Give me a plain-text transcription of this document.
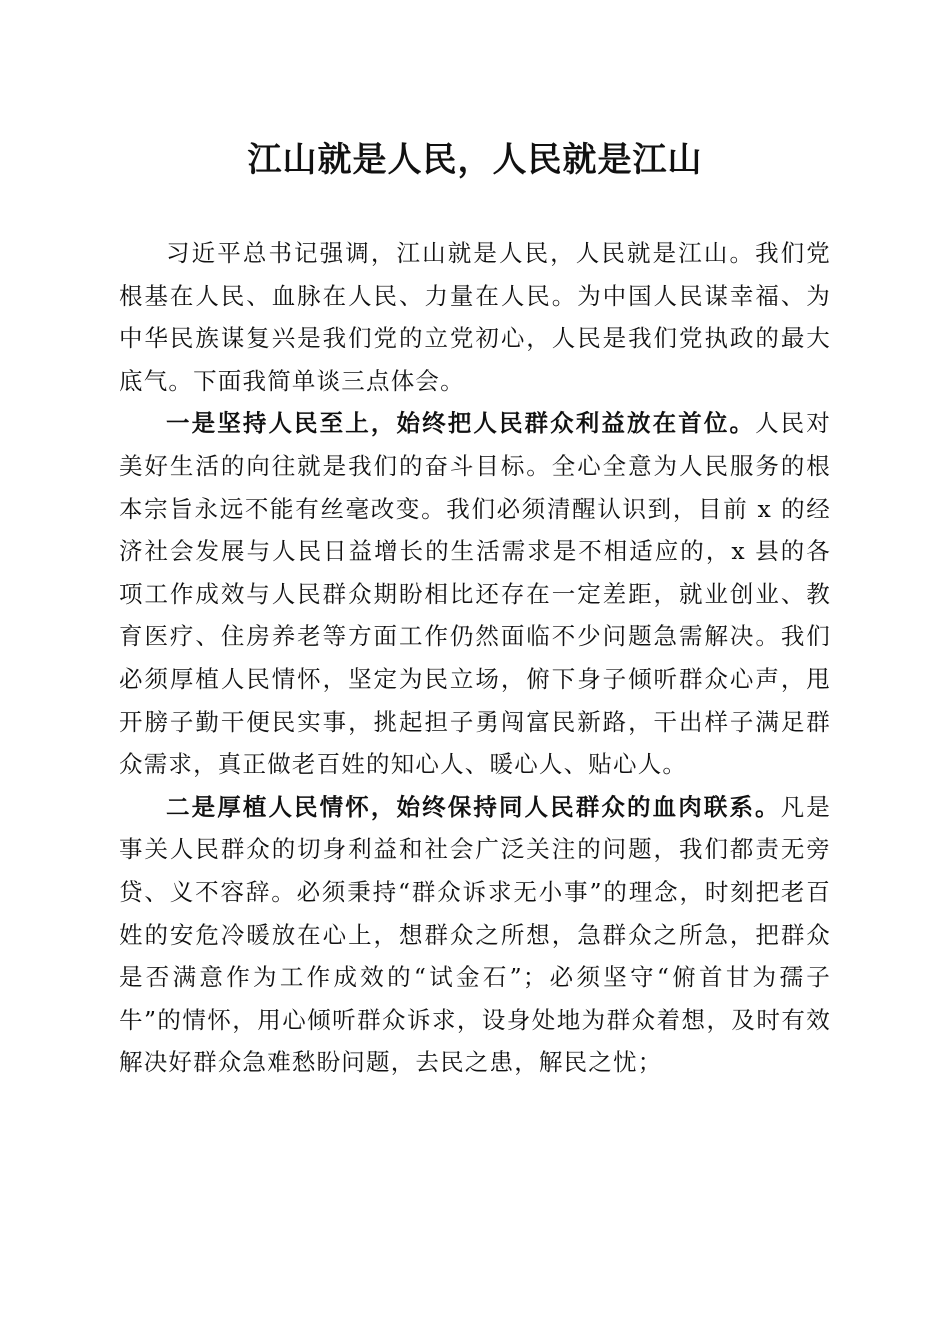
江山就是人民，人民就是江山

习近平总书记强调，江山就是人民，人民就是江山。我们党根基在人民、血脉在人民、力量在人民。为中国人民谋幸福、为中华民族谋复兴是我们党的立党初心，人民是我们党执政的最大底气。下面我简单谈三点体会。

一是坚持人民至上，始终把人民群众利益放在首位。人民对美好生活的向往就是我们的奋斗目标。全心全意为人民服务的根本宗旨永远不能有丝毫改变。我们必须清醒认识到，目前 x 的经济社会发展与人民日益增长的生活需求是不相适应的，x 县的各项工作成效与人民群众期盼相比还存在一定差距，就业创业、教育医疗、住房养老等方面工作仍然面临不少问题急需解决。我们必须厚植人民情怀，坚定为民立场，俯下身子倾听群众心声，甩开膀子勤干便民实事，挑起担子勇闯富民新路，干出样子满足群众需求，真正做老百姓的知心人、暖心人、贴心人。

二是厚植人民情怀，始终保持同人民群众的血肉联系。凡是事关人民群众的切身利益和社会广泛关注的问题，我们都责无旁贷、义不容辞。必须秉持“群众诉求无小事”的理念，时刻把老百姓的安危冷暖放在心上，想群众之所想，急群众之所急，把群众是否满意作为工作成效的“试金石”；必须坚守“俯首甘为孺子牛”的情怀，用心倾听群众诉求，设身处地为群众着想，及时有效解决好群众急难愁盼问题，去民之患，解民之忧；
